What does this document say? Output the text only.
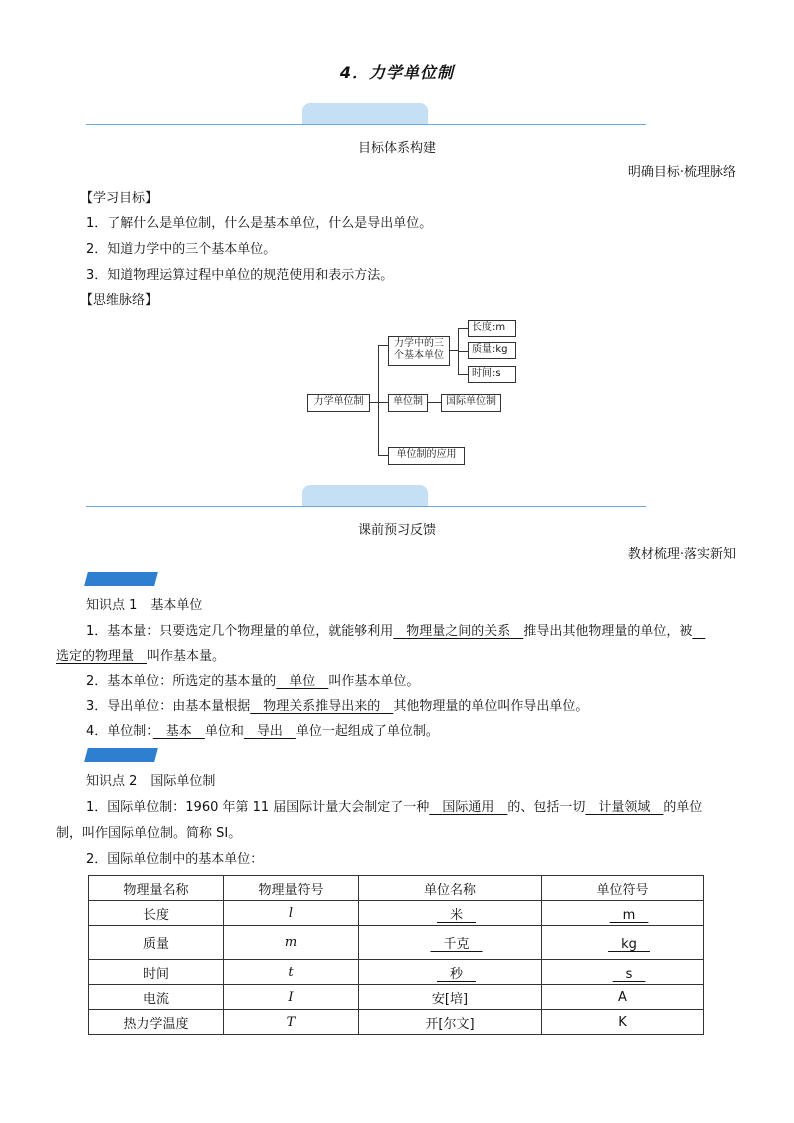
4．力学单位制
目标体系构建
明确目标·梳理脉络
【学习目标】
1．了解什么是单位制，什么是基本单位，什么是导出单位。
2．知道力学中的三个基本单位。
3．知道物理运算过程中单位的规范使用和表示方法。
【思维脉络】
力学单位制
力学中的三个基本单位
长度:m
质量:kg
时间:s
单位制	国际单位制
单位制的应用
课前预习反馈
教材梳理·落实新知
知识点 1　基本单位
1．基本量：只要选定几个物理量的单位，就能够利用　 物理量之间的关系　 推导出其他物理量的单位，被　
选定的物理量　 叫作基本量。
2．基本单位：所选定的基本量的　 单位　 叫作基本单位。
3．导出单位：由基本量根据　 物理关系推导出来的　 其他物理量的单位叫作导出单位。
4．单位制：　 基本　 单位和　 导出　 单位一起组成了单位制。
知识点 2　国际单位制
1．国际单位制：1960 年第 11 届国际计量大会制定了一种　 国际通用　 的、包括一切　 计量领域　 的单位
制，叫作国际单位制。简称 SI。
2．国际单位制中的基本单位：
物理量名称	物理量符号	单位名称	单位符号
长度	l	　米　	　m　
质量	m	　千克　	　kg　
时间	t	　秒　	　s　
电流	I	安[培]	A
热力学温度	T	开[尔文]	K
